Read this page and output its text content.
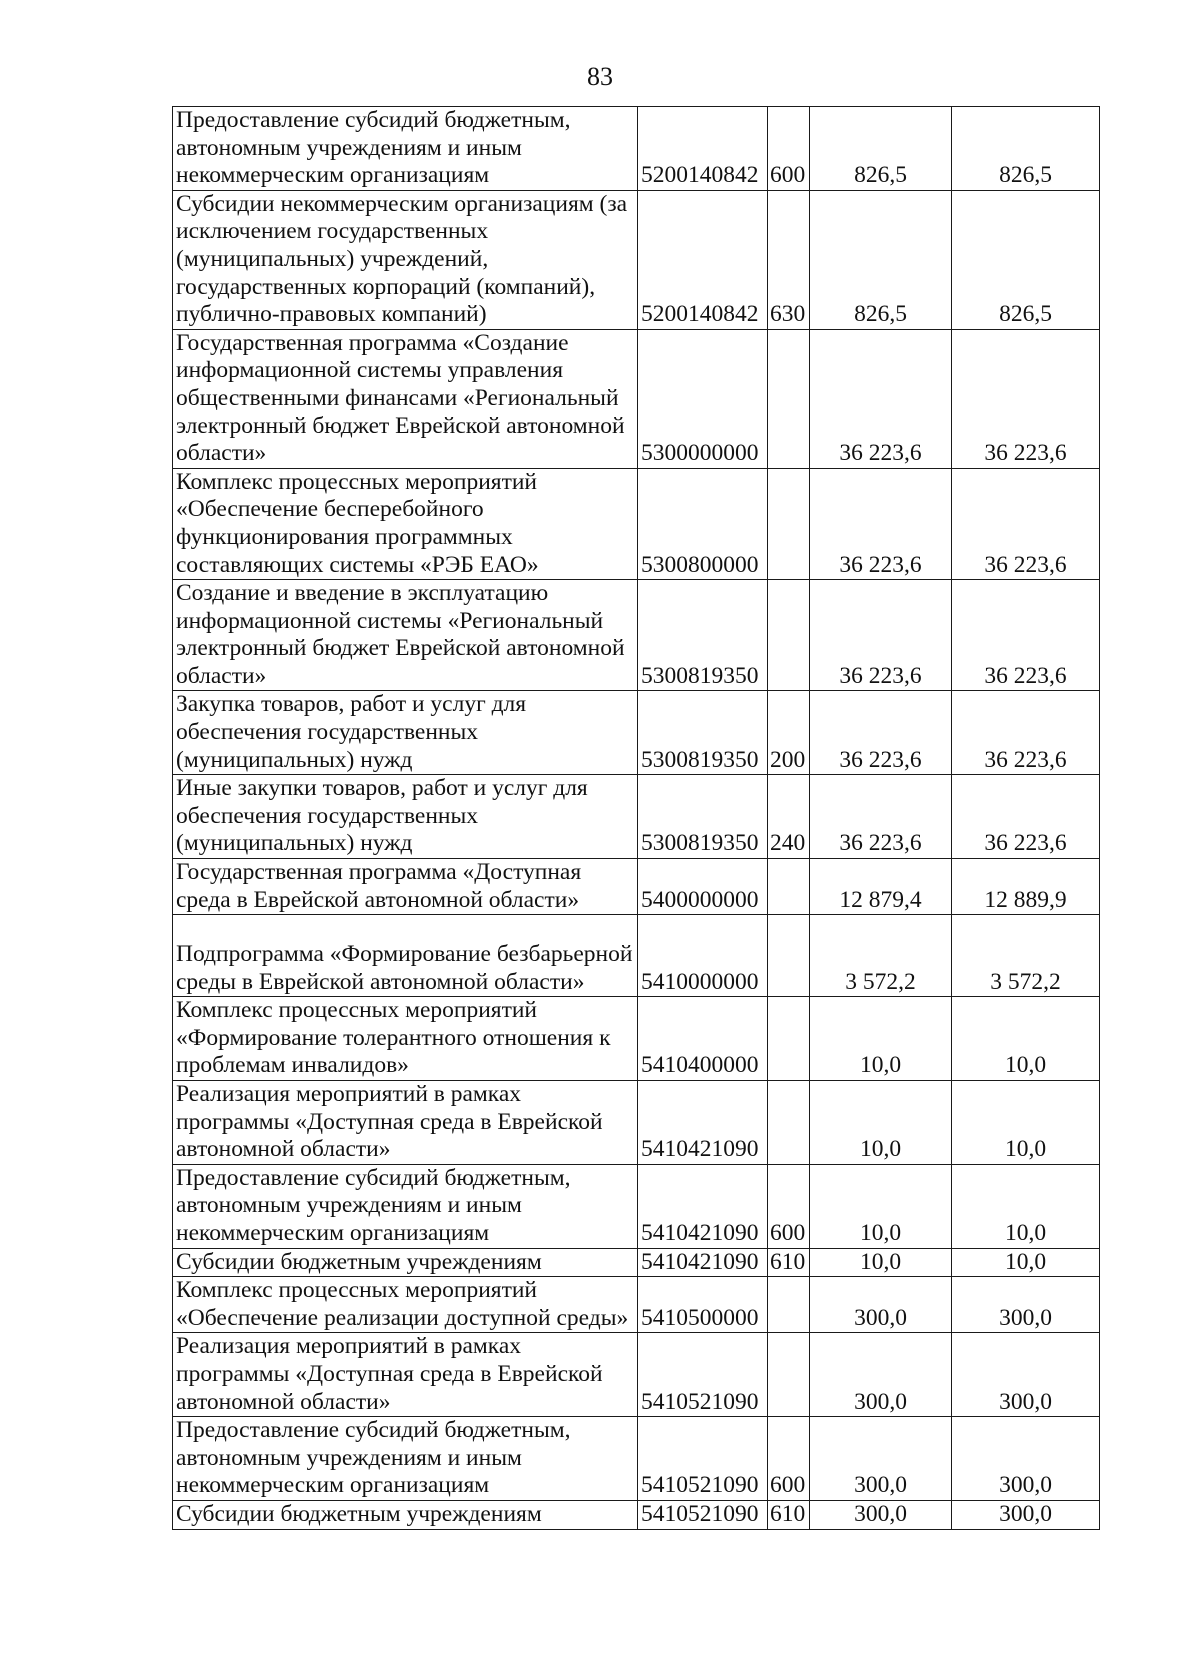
83
Предоставление субсидий бюджетным, автономным учреждениям и иным некоммерческим организациям	5200140842	600	826,5	826,5
Субсидии некоммерческим организациям (за исключением государственных (муниципальных) учреждений, государственных корпораций (компаний), публично-правовых компаний)	5200140842	630	826,5	826,5
Государственная программа «Создание информационной системы управления общественными финансами «Региональный электронный бюджет Еврейской автономной области»	5300000000		36 223,6	36 223,6
Комплекс процессных мероприятий «Обеспечение бесперебойного функционирования программных составляющих системы «РЭБ ЕАО»	5300800000		36 223,6	36 223,6
Создание и введение в эксплуатацию информационной системы «Региональный электронный бюджет Еврейской автономной области»	5300819350		36 223,6	36 223,6
Закупка товаров, работ и услуг для обеспечения государственных (муниципальных) нужд	5300819350	200	36 223,6	36 223,6
Иные закупки товаров, работ и услуг для обеспечения государственных (муниципальных) нужд	5300819350	240	36 223,6	36 223,6
Государственная программа «Доступная среда в Еврейской автономной области»	5400000000		12 879,4	12 889,9
Подпрограмма «Формирование безбарьерной среды в Еврейской автономной области»	5410000000		3 572,2	3 572,2
Комплекс процессных мероприятий «Формирование толерантного отношения к проблемам инвалидов»	5410400000		10,0	10,0
Реализация мероприятий в рамках программы «Доступная среда в Еврейской автономной области»	5410421090		10,0	10,0
Предоставление субсидий бюджетным, автономным учреждениям и иным некоммерческим организациям	5410421090	600	10,0	10,0
Субсидии бюджетным учреждениям	5410421090	610	10,0	10,0
Комплекс процессных мероприятий «Обеспечение реализации доступной среды»	5410500000		300,0	300,0
Реализация мероприятий в рамках программы «Доступная среда в Еврейской автономной области»	5410521090		300,0	300,0
Предоставление субсидий бюджетным, автономным учреждениям и иным некоммерческим организациям	5410521090	600	300,0	300,0
Субсидии бюджетным учреждениям	5410521090	610	300,0	300,0
